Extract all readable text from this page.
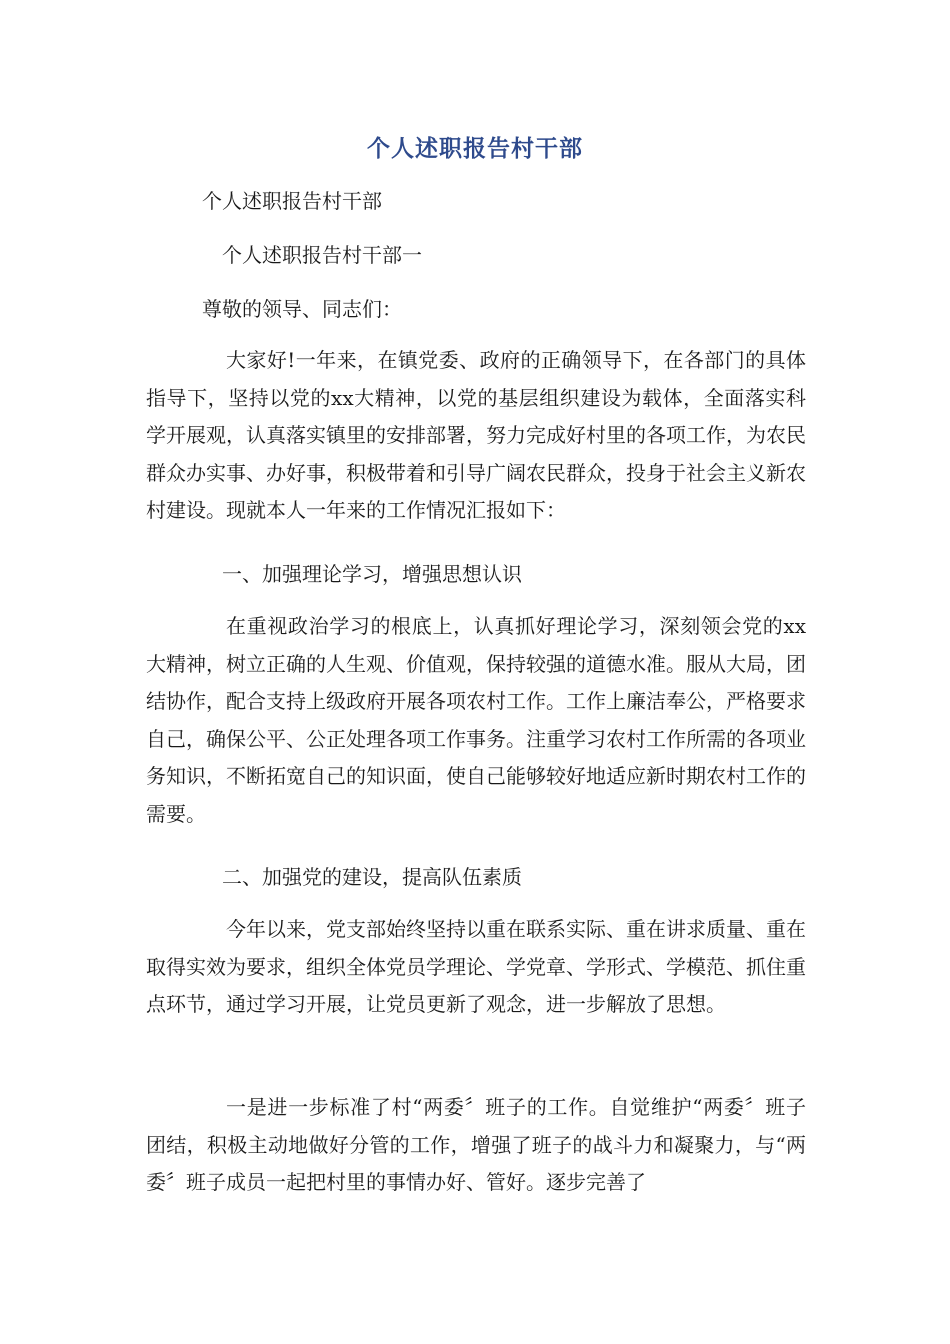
个人述职报告村干部

个人述职报告村干部

个人述职报告村干部一

尊敬的领导、同志们：

大家好!一年来，在镇党委、政府的正确领导下，在各部门的具体指导下，坚持以党的xx大精神，以党的基层组织建设为载体，全面落实科学开展观，认真落实镇里的安排部署，努力完成好村里的各项工作，为农民群众办实事、办好事，积极带着和引导广阔农民群众，投身于社会主义新农村建设。现就本人一年来的工作情况汇报如下：

一、加强理论学习，增强思想认识

在重视政治学习的根底上，认真抓好理论学习，深刻领会党的xx大精神，树立正确的人生观、价值观，保持较强的道德水准。服从大局，团结协作，配合支持上级政府开展各项农村工作。工作上廉洁奉公，严格要求自己，确保公平、公正处理各项工作事务。注重学习农村工作所需的各项业务知识，不断拓宽自己的知识面，使自己能够较好地适应新时期农村工作的需要。

二、加强党的建设，提高队伍素质

今年以来，党支部始终坚持以重在联系实际、重在讲求质量、重在取得实效为要求，组织全体党员学理论、学党章、学形式、学模范、抓住重点环节，通过学习开展，让党员更新了观念，进一步解放了思想。

一是进一步标准了村“两委〞班子的工作。自觉维护“两委〞班子团结，积极主动地做好分管的工作，增强了班子的战斗力和凝聚力，与“两委〞班子成员一起把村里的事情办好、管好。逐步完善了
